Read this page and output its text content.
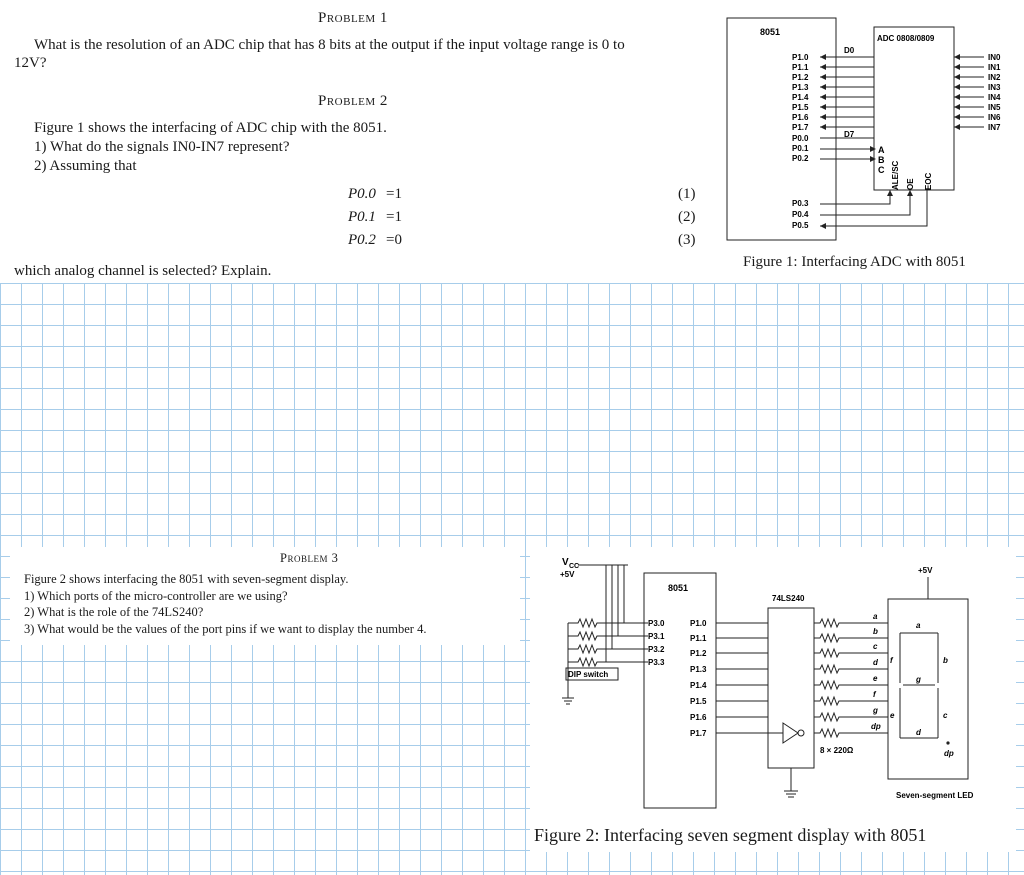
Problem 1
What is the resolution of an ADC chip that has 8 bits at the output if the input voltage range is 0 to
12V?
Problem 2
Figure 1 shows the interfacing of ADC chip with the 8051.
1) What do the signals IN0-IN7 represent?
2) Assuming that
P0.0 =1	(1)
P0.1 =1	(2)
P0.2 =0	(3)
which analog channel is selected? Explain.
8051
ADC 0808/0809
P1.0
P1.1
P1.2
P1.3
P1.4
P1.5
P1.6
P1.7
P0.0
P0.1
P0.2
P0.3
P0.4
P0.5
D0
D7
A
B
C ALE/SC OE EOC
IN0
IN1
IN2
IN3
IN4
IN5
IN6
IN7
Figure 1: Interfacing ADC with 8051
Problem 3
Figure 2 shows interfacing the 8051 with seven-segment display.
1) Which ports of the micro-controller are we using?
2) What is the role of the 74LS240?
3) What would be the values of the port pins if we want to display the number 4.
V CC
+5V
DIP switch
8051
P3.0
P3.1
P3.2
P3.3
P1.0
P1.1
P1.2
P1.3
P1.4
P1.5
P1.6
P1.7
74LS240
8 × 220Ω
a
b
c
d
e
f
g
dp
+5V
a
b
c
d
e
f
g
dp
Seven-segment LED
Figure 2: Interfacing seven segment display with 8051
